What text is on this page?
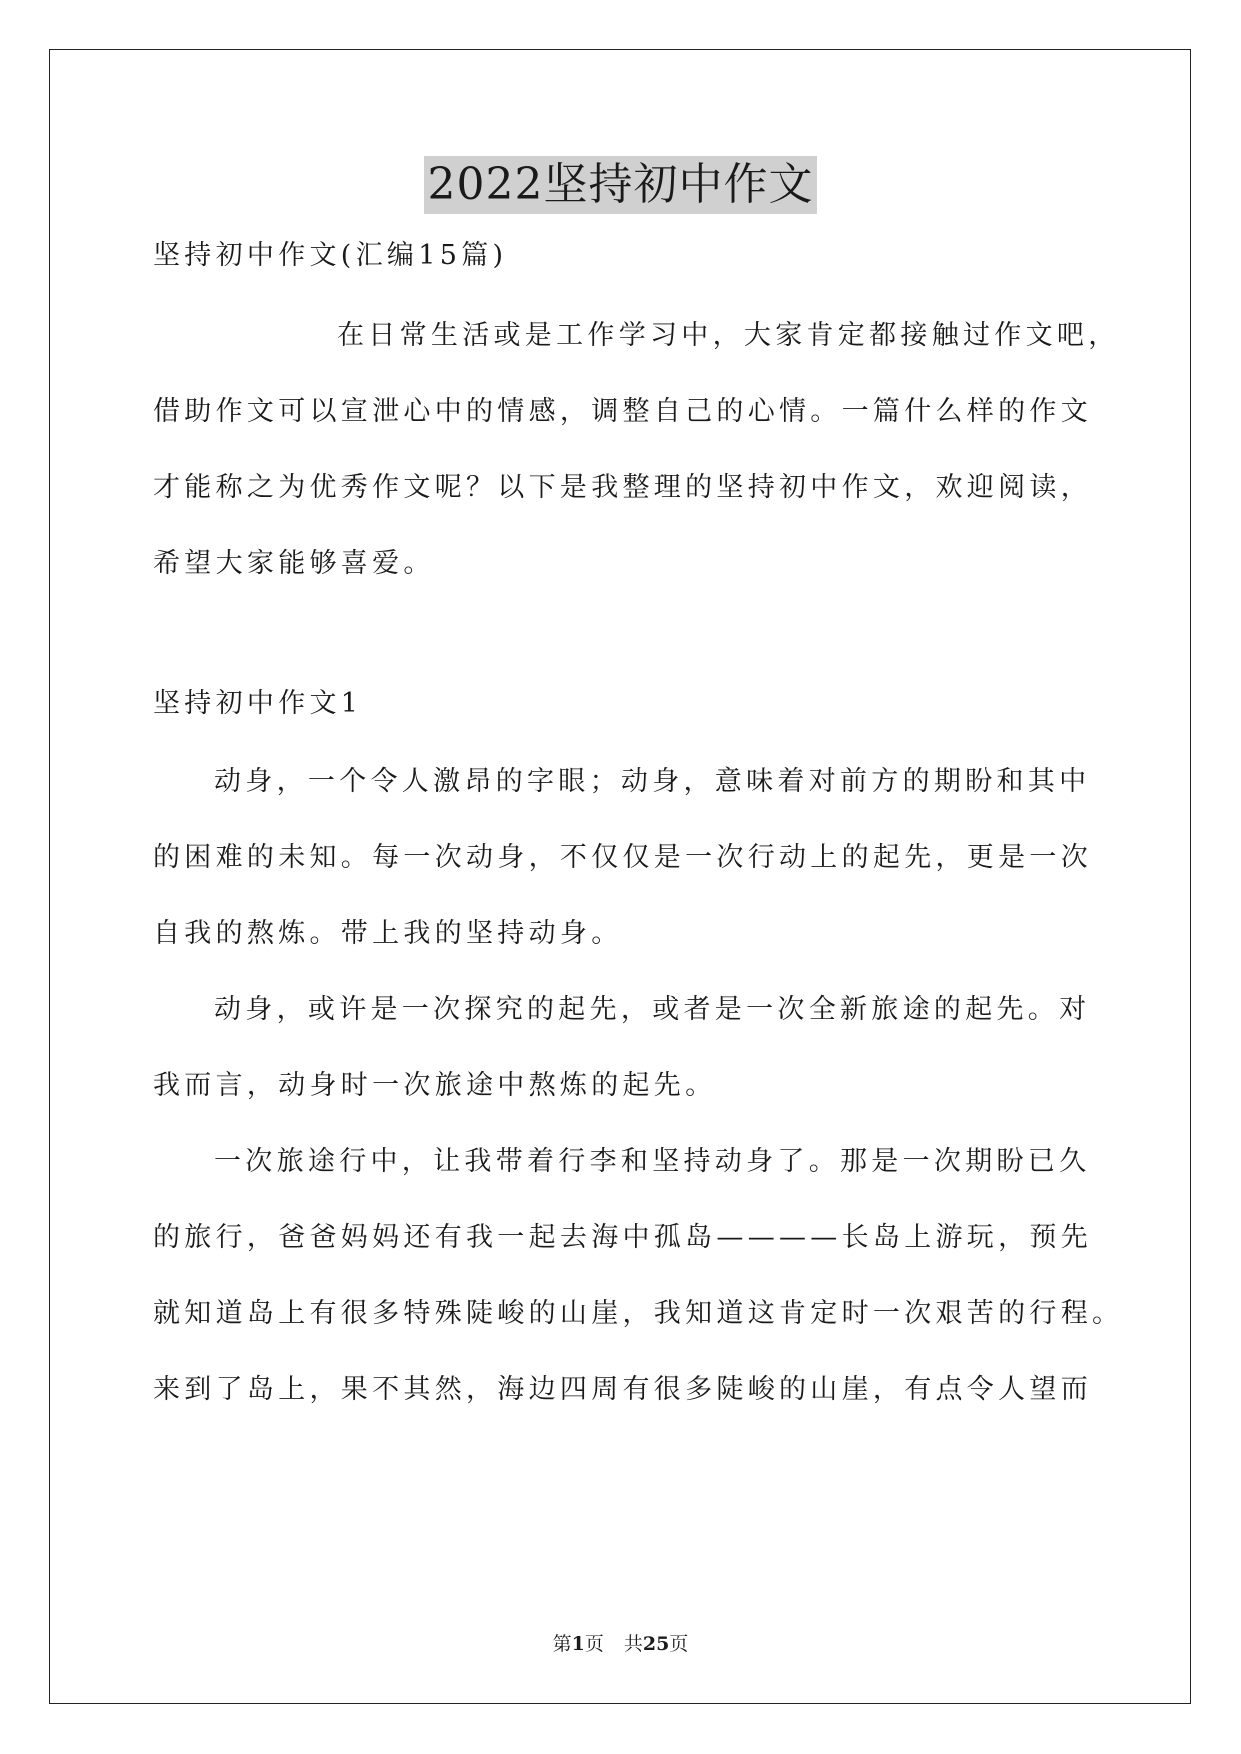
2022坚持初中作文

坚持初中作文(汇编15篇)

在日常生活或是工作学习中，大家肯定都接触过作文吧，

借助作文可以宣泄心中的情感，调整自己的心情。一篇什么样的作文

才能称之为优秀作文呢？以下是我整理的坚持初中作文，欢迎阅读，

希望大家能够喜爱。

坚持初中作文1

动身，一个令人激昂的字眼；动身，意味着对前方的期盼和其中

的困难的未知。每一次动身，不仅仅是一次行动上的起先，更是一次

自我的熬炼。带上我的坚持动身。

动身，或许是一次探究的起先，或者是一次全新旅途的起先。对

我而言，动身时一次旅途中熬炼的起先。

一次旅途行中，让我带着行李和坚持动身了。那是一次期盼已久

的旅行，爸爸妈妈还有我一起去海中孤岛————长岛上游玩，预先

就知道岛上有很多特殊陡峻的山崖，我知道这肯定时一次艰苦的行程。

来到了岛上，果不其然，海边四周有很多陡峻的山崖，有点令人望而

第1页 共25页
